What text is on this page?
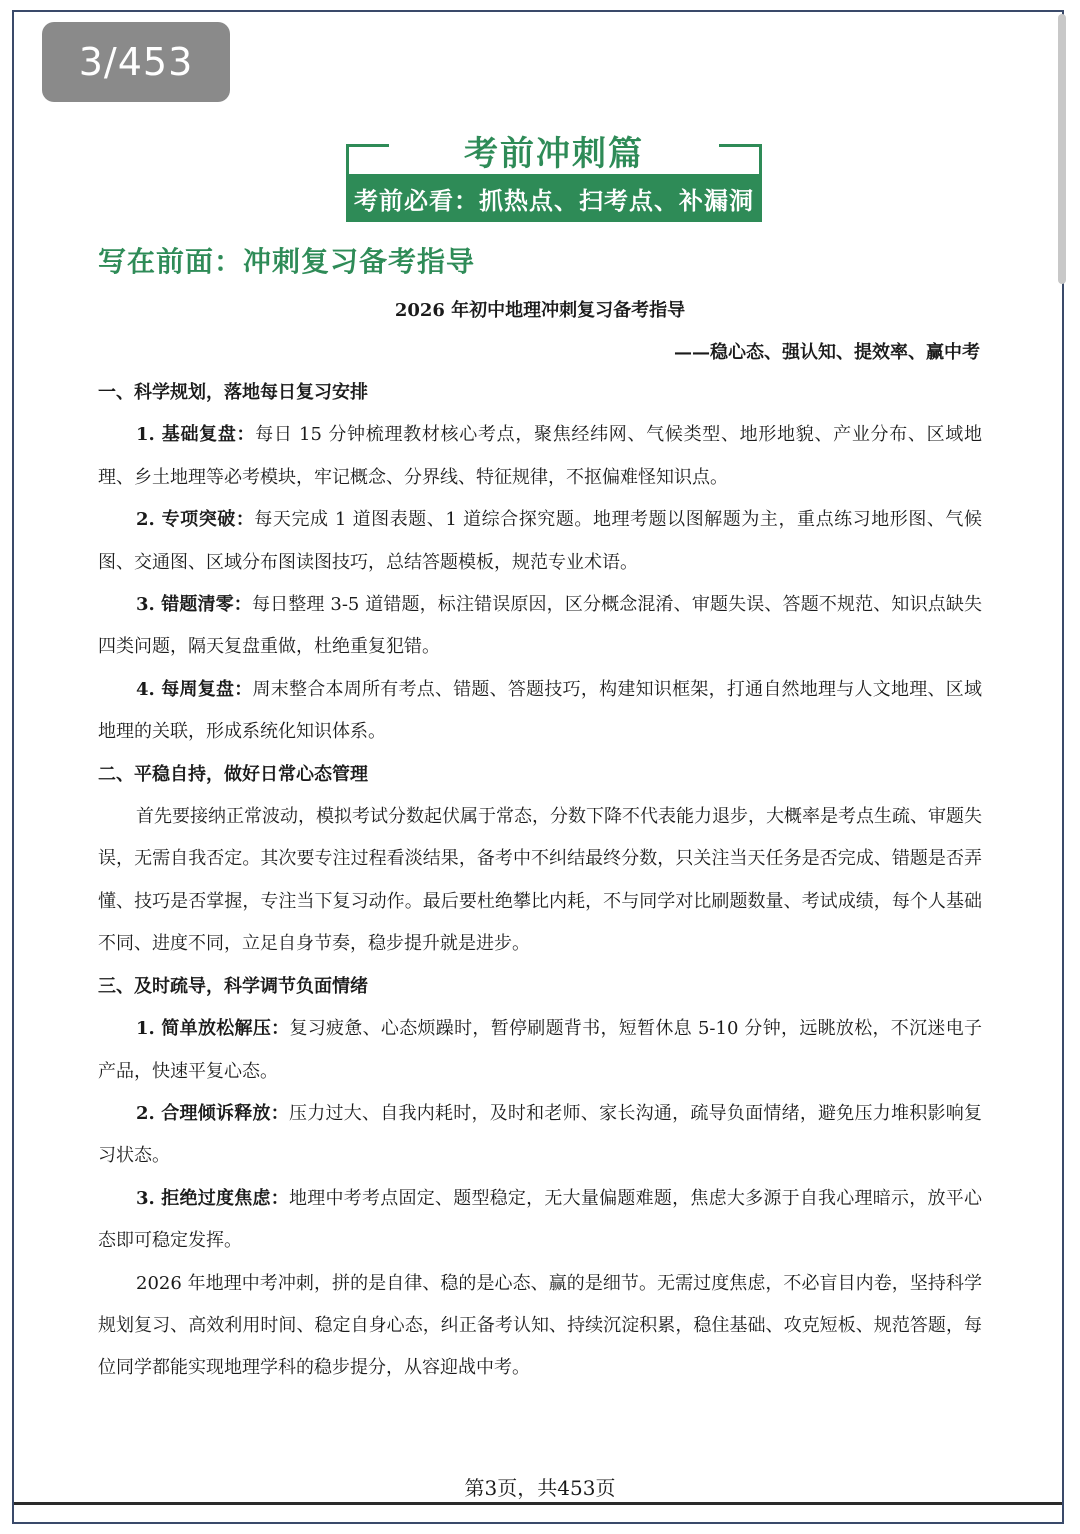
3/453
考前冲刺篇
考前必看：抓热点、扫考点、补漏洞
写在前面：冲刺复习备考指导
2026 年初中地理冲刺复习备考指导
——稳心态、强认知、提效率、赢中考

一、科学规划，落地每日复习安排

1. 基础复盘：每日 15 分钟梳理教材核心考点，聚焦经纬网、气候类型、地形地貌、产业分布、区域地理、乡土地理等必考模块，牢记概念、分界线、特征规律，不抠偏难怪知识点。

2. 专项突破：每天完成 1 道图表题、1 道综合探究题。地理考题以图解题为主，重点练习地形图、气候图、交通图、区域分布图读图技巧，总结答题模板，规范专业术语。

3. 错题清零：每日整理 3-5 道错题，标注错误原因，区分概念混淆、审题失误、答题不规范、知识点缺失四类问题，隔天复盘重做，杜绝重复犯错。

4. 每周复盘：周末整合本周所有考点、错题、答题技巧，构建知识框架，打通自然地理与人文地理、区域地理的关联，形成系统化知识体系。

二、平稳自持，做好日常心态管理

首先要接纳正常波动，模拟考试分数起伏属于常态，分数下降不代表能力退步，大概率是考点生疏、审题失误，无需自我否定。其次要专注过程看淡结果，备考中不纠结最终分数，只关注当天任务是否完成、错题是否弄懂、技巧是否掌握，专注当下复习动作。最后要杜绝攀比内耗，不与同学对比刷题数量、考试成绩，每个人基础不同、进度不同，立足自身节奏，稳步提升就是进步。

三、及时疏导，科学调节负面情绪

1. 简单放松解压：复习疲惫、心态烦躁时，暂停刷题背书，短暂休息 5-10 分钟，远眺放松，不沉迷电子产品，快速平复心态。

2. 合理倾诉释放：压力过大、自我内耗时，及时和老师、家长沟通，疏导负面情绪，避免压力堆积影响复习状态。

3. 拒绝过度焦虑：地理中考考点固定、题型稳定，无大量偏题难题，焦虑大多源于自我心理暗示，放平心态即可稳定发挥。

2026 年地理中考冲刺，拼的是自律、稳的是心态、赢的是细节。无需过度焦虑，不必盲目内卷，坚持科学规划复习、高效利用时间、稳定自身心态，纠正备考认知、持续沉淀积累，稳住基础、攻克短板、规范答题，每位同学都能实现地理学科的稳步提分，从容迎战中考。

第3页，共453页
